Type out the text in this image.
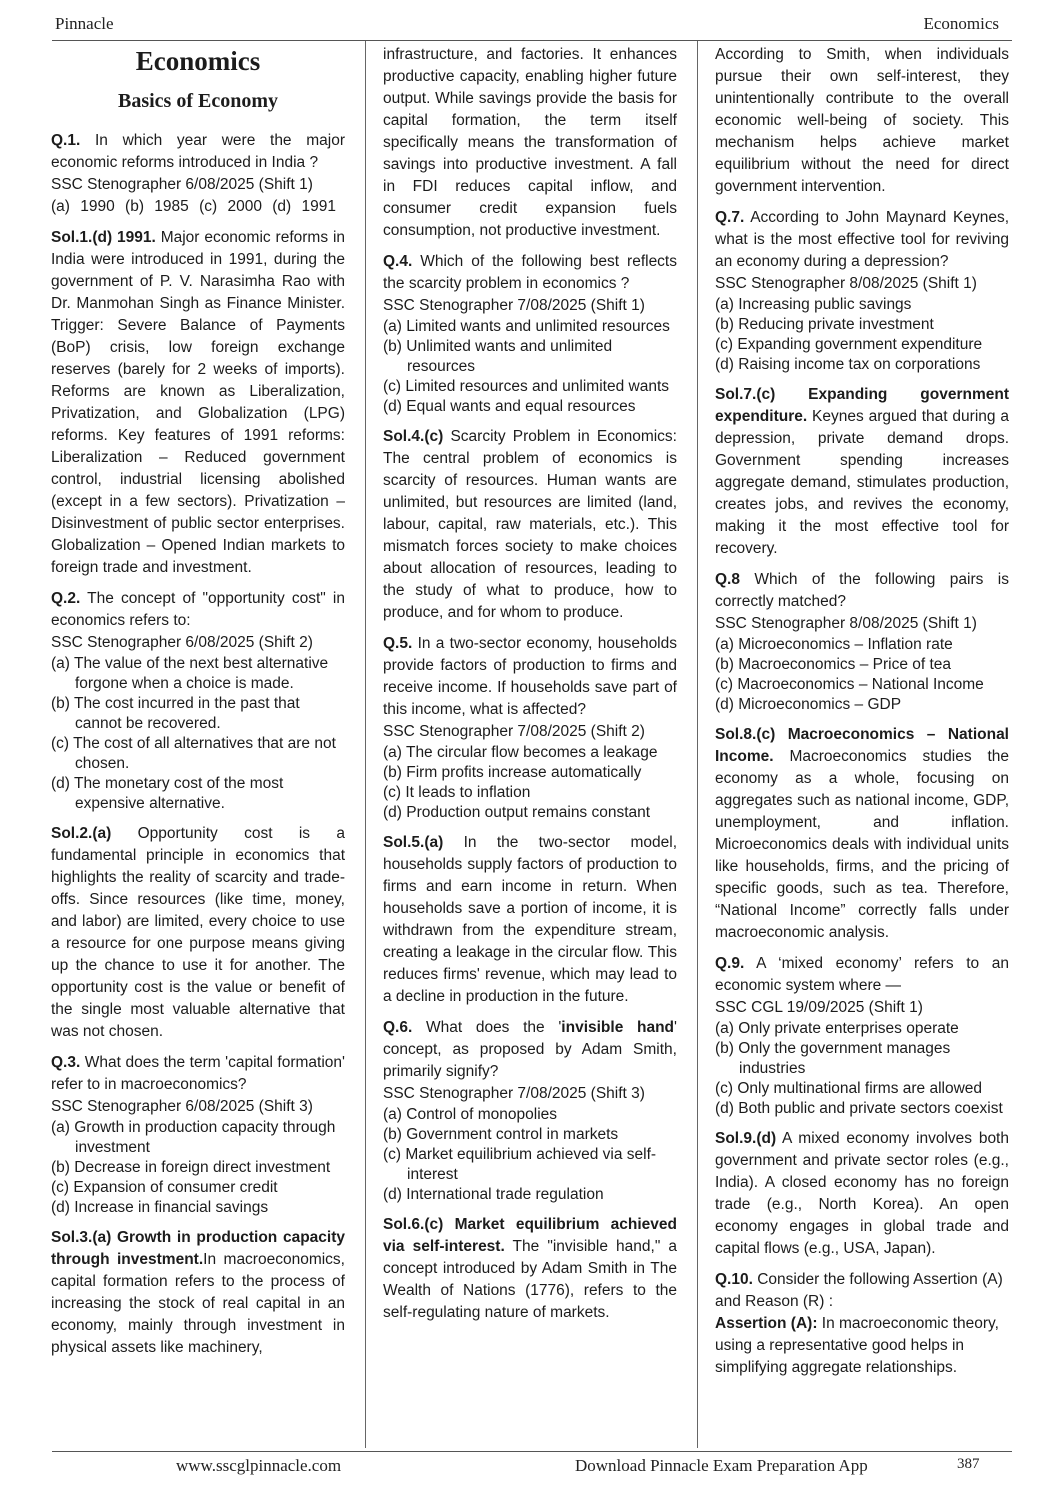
Pinnacle	Economics
Economics
Basics of Economy

Q.1. In which year were the major economic reforms introduced in India ?

SSC Stenographer 6/08/2025 (Shift 1)

(a) 1990 (b) 1985 (c) 2000 (d) 1991

Sol.1.(d) 1991. Major economic reforms in India were introduced in 1991, during the government of P. V. Narasimha Rao with Dr. Manmohan Singh as Finance Minister. Trigger: Severe Balance of Payments (BoP) crisis, low foreign exchange reserves (barely for 2 weeks of imports). Reforms are known as Liberalization, Privatization, and Globalization (LPG) reforms. Key features of 1991 reforms: Liberalization – Reduced government control, industrial licensing abolished (except in a few sectors). Privatization – Disinvestment of public sector enterprises. Globalization – Opened Indian markets to foreign trade and investment.

Q.2. The concept of "opportunity cost" in economics refers to:

SSC Stenographer 6/08/2025 (Shift 2)

(a) The value of the next best alternative forgone when a choice is made.

(b) The cost incurred in the past that cannot be recovered.

(c) The cost of all alternatives that are not chosen.

(d) The monetary cost of the most expensive alternative.

Sol.2.(a) Opportunity cost is a fundamental principle in economics that highlights the reality of scarcity and trade-offs. Since resources (like time, money, and labor) are limited, every choice to use a resource for one purpose means giving up the chance to use it for another. The opportunity cost is the value or benefit of the single most valuable alternative that was not chosen.

Q.3. What does the term 'capital formation' refer to in macroeconomics?

SSC Stenographer 6/08/2025 (Shift 3)

(a) Growth in production capacity through investment

(b) Decrease in foreign direct investment

(c) Expansion of consumer credit

(d) Increase in financial savings

Sol.3.(a) Growth in production capacity through investment.In macroeconomics, capital formation refers to the process of increasing the stock of real capital in an economy, mainly through investment in physical assets like machinery,

infrastructure, and factories. It enhances productive capacity, enabling higher future output. While savings provide the basis for capital formation, the term itself specifically means the transformation of savings into productive investment. A fall in FDI reduces capital inflow, and consumer credit expansion fuels consumption, not productive investment.

Q.4. Which of the following best reflects the scarcity problem in economics ?

SSC Stenographer 7/08/2025 (Shift 1)

(a) Limited wants and unlimited resources

(b) Unlimited wants and unlimited resources

(c) Limited resources and unlimited wants

(d) Equal wants and equal resources

Sol.4.(c) Scarcity Problem in Economics: The central problem of economics is scarcity of resources. Human wants are unlimited, but resources are limited (land, labour, capital, raw materials, etc.). This mismatch forces society to make choices about allocation of resources, leading to the study of what to produce, how to produce, and for whom to produce.

Q.5. In a two-sector economy, households provide factors of production to firms and receive income. If households save part of this income, what is affected?

SSC Stenographer 7/08/2025 (Shift 2)

(a) The circular flow becomes a leakage

(b) Firm profits increase automatically

(c) It leads to inflation

(d) Production output remains constant

Sol.5.(a) In the two-sector model, households supply factors of production to firms and earn income in return. When households save a portion of income, it is withdrawn from the expenditure stream, creating a leakage in the circular flow. This reduces firms' revenue, which may lead to a decline in production in the future.

Q.6. What does the 'invisible hand' concept, as proposed by Adam Smith, primarily signify?

SSC Stenographer 7/08/2025 (Shift 3)

(a) Control of monopolies

(b) Government control in markets

(c) Market equilibrium achieved via self-interest

(d) International trade regulation

Sol.6.(c) Market equilibrium achieved via self-interest. The "invisible hand," a concept introduced by Adam Smith in The Wealth of Nations (1776), refers to the self-regulating nature of markets.

According to Smith, when individuals pursue their own self-interest, they unintentionally contribute to the overall economic well-being of society. This mechanism helps achieve market equilibrium without the need for direct government intervention.

Q.7. According to John Maynard Keynes, what is the most effective tool for reviving an economy during a depression?

SSC Stenographer 8/08/2025 (Shift 1)

(a) Increasing public savings

(b) Reducing private investment

(c) Expanding government expenditure

(d) Raising income tax on corporations

Sol.7.(c) Expanding government expenditure. Keynes argued that during a depression, private demand drops. Government spending increases aggregate demand, stimulates production, creates jobs, and revives the economy, making it the most effective tool for recovery.

Q.8 Which of the following pairs is correctly matched?

SSC Stenographer 8/08/2025 (Shift 1)

(a) Microeconomics – Inflation rate

(b) Macroeconomics – Price of tea

(c) Macroeconomics – National Income

(d) Microeconomics – GDP

Sol.8.(c) Macroeconomics – National Income. Macroeconomics studies the economy as a whole, focusing on aggregates such as national income, GDP, unemployment, and inflation. Microeconomics deals with individual units like households, firms, and the pricing of specific goods, such as tea. Therefore, “National Income” correctly falls under macroeconomic analysis.

Q.9. A ‘mixed economy’ refers to an economic system where —

SSC CGL 19/09/2025 (Shift 1)

(a) Only private enterprises operate

(b) Only the government manages industries

(c) Only multinational firms are allowed

(d) Both public and private sectors coexist

Sol.9.(d) A mixed economy involves both government and private sector roles (e.g., India). A closed economy has no foreign trade (e.g., North Korea). An open economy engages in global trade and capital flows (e.g., USA, Japan).

Q.10. Consider the following Assertion (A) and Reason (R) :

Assertion (A): In macroeconomic theory, using a representative good helps in simplifying aggregate relationships.

www.sscglpinnacle.com	Download Pinnacle Exam Preparation App	387
